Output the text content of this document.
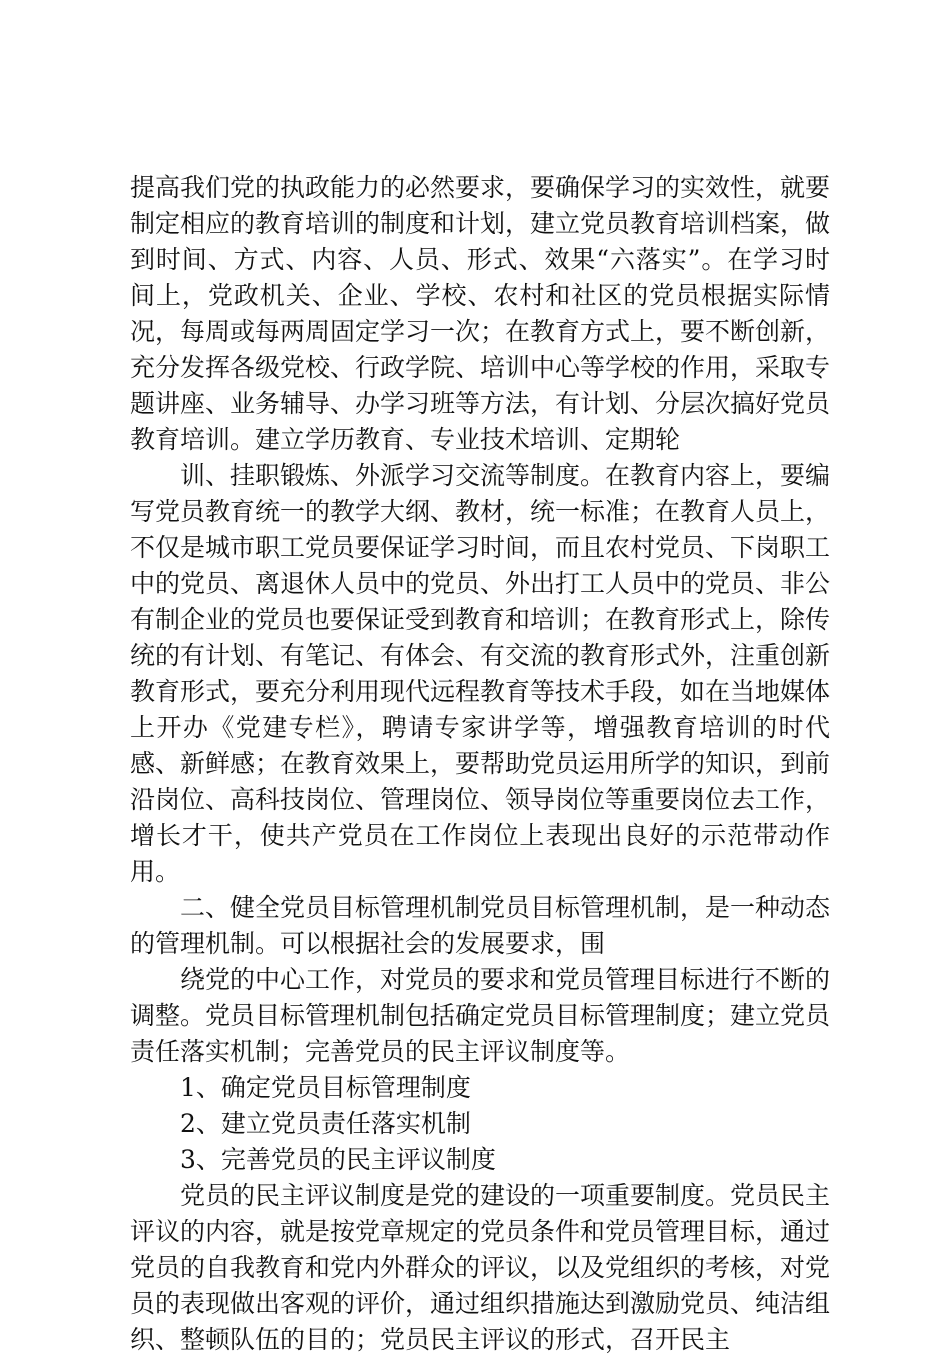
提高我们党的执政能力的必然要求，要确保学习的实效性，就要制定相应的教育培训的制度和计划，建立党员教育培训档案，做到时间、方式、内容、人员、形式、效果“六落实”。在学习时间上，党政机关、企业、学校、农村和社区的党员根据实际情况，每周或每两周固定学习一次；在教育方式上，要不断创新，充分发挥各级党校、行政学院、培训中心等学校的作用，采取专题讲座、业务辅导、办学习班等方法，有计划、分层次搞好党员教育培训。建立学历教育、专业技术培训、定期轮

训、挂职锻炼、外派学习交流等制度。在教育内容上，要编写党员教育统一的教学大纲、教材，统一标准；在教育人员上，不仅是城市职工党员要保证学习时间，而且农村党员、下岗职工中的党员、离退休人员中的党员、外出打工人员中的党员、非公有制企业的党员也要保证受到教育和培训；在教育形式上，除传统的有计划、有笔记、有体会、有交流的教育形式外，注重创新教育形式，要充分利用现代远程教育等技术手段，如在当地媒体上开办《党建专栏》，聘请专家讲学等，增强教育培训的时代感、新鲜感；在教育效果上，要帮助党员运用所学的知识，到前沿岗位、高科技岗位、管理岗位、领导岗位等重要岗位去工作，增长才干，使共产党员在工作岗位上表现出良好的示范带动作用。

二、健全党员目标管理机制党员目标管理机制，是一种动态的管理机制。可以根据社会的发展要求，围

绕党的中心工作，对党员的要求和党员管理目标进行不断的调整。党员目标管理机制包括确定党员目标管理制度；建立党员责任落实机制；完善党员的民主评议制度等。

1、确定党员目标管理制度

2、建立党员责任落实机制

3、完善党员的民主评议制度

党员的民主评议制度是党的建设的一项重要制度。党员民主评议的内容，就是按党章规定的党员条件和党员管理目标，通过党员的自我教育和党内外群众的评议，以及党组织的考核，对党员的表现做出客观的评价，通过组织措施达到激励党员、纯洁组织、整顿队伍的目的；党员民主评议的形式，召开民主
